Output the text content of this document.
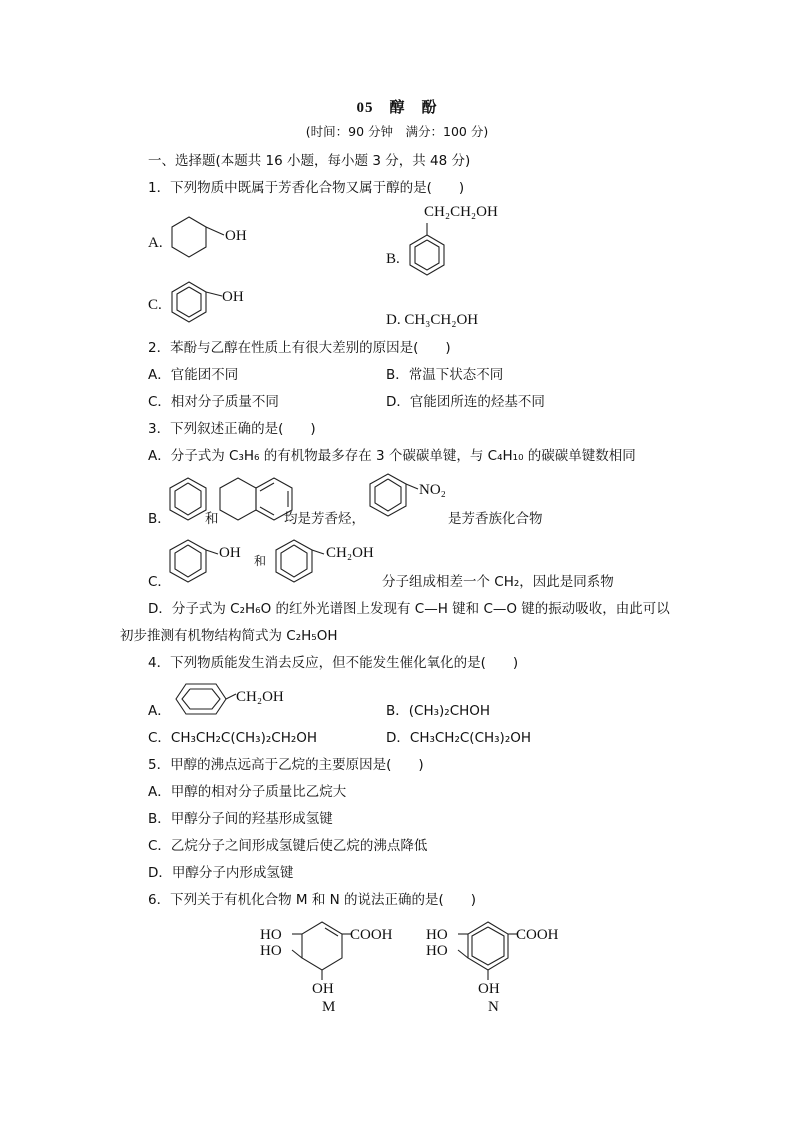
05　醇　酚
(时间：90 分钟　满分：100 分)
一、选择题(本题共 16 小题，每小题 3 分，共 48 分)
1．下列物质中既属于芳香化合物又属于醇的是(　　)
A.	OH
B.
CH₂CH₂OH
C.	OH
D. CH₃CH₂OH
2．苯酚与乙醇在性质上有很大差别的原因是(　　)
A．官能团不同	B．常温下状态不同
C．相对分子质量不同	D．官能团所连的烃基不同
3．下列叙述正确的是(　　)
A．分子式为 C₃H₆ 的有机物最多存在 3 个碳碳单键，与 C₄H₁₀ 的碳碳单键数相同
B．	和	均是芳香烃，
NO₂
是芳香族化合物
C．
OH 和	CH₂OH
分子组成相差一个 CH₂，因此是同系物
D．分子式为 C₂H₆O 的红外光谱图上发现有 C—H 键和 C—O 键的振动吸收，由此可以
初步推测有机物结构简式为 C₂H₅OH
4．下列物质能发生消去反应，但不能发生催化氧化的是(　　)
A．
CH₂OH
B．(CH₃)₂CHOH
C．CH₃CH₂C(CH₃)₂CH₂OH	D．CH₃CH₂C(CH₃)₂OH
5．甲醇的沸点远高于乙烷的主要原因是(　　)
A．甲醇的相对分子质量比乙烷大
B．甲醇分子间的羟基形成氢键
C．乙烷分子之间形成氢键后使乙烷的沸点降低
D．甲醇分子内形成氢键
6．下列关于有机化合物 M 和 N 的说法正确的是(　　)
HO
HO
COOH
OH
M
HO
HO
COOH
OH
N
